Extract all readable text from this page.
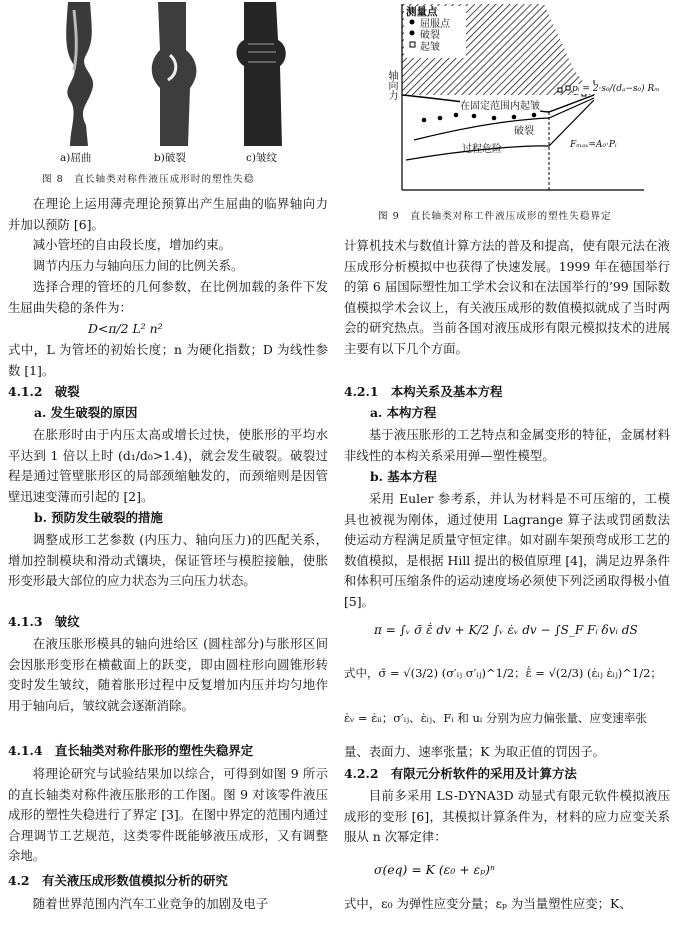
a)屈曲	b)破裂	c)皱纹
图 8　直长轴类对称件液压成形时的塑性失稳
在理论上运用薄壳理论预算出产生屈曲的临界轴向力并加以预防 [6]。
减小管坯的自由段长度，增加约束。
调节内压力与轴向压力间的比例关系。
选择合理的管坯的几何参数，在比例加载的条件下发生屈曲失稳的条件为：
D<π/2 L² n²
式中，L 为管坯的初始长度；n 为硬化指数；D 为线性参数 [1]。
4.1.2　破裂
a. 发生破裂的原因
在胀形时由于内压太高或增长过快，使胀形的平均水平达到 1 倍以上时 (d₁/d₀>1.4)，就会发生破裂。破裂过程是通过管壁胀形区的局部颈缩触发的，而颈缩则是因管壁迅速变薄而引起的 [2]。
b. 预防发生破裂的措施
调整成形工艺参数 (内压力、轴向压力)的匹配关系，增加控制模块和滑动式镶块，保证管坯与模腔接触，使胀形变形最大部位的应力状态为三向压力状态。
4.1.3　皱纹
在液压胀形模具的轴向进给区 (圆柱部分)与胀形区间会因胀形变形在横截面上的跃变，即由圆柱形向圆锥形转变时发生皱纹，随着胀形过程中反复增加内压并均匀地作用于轴向后，皱纹就会逐渐消除。
4.1.4　直长轴类对称件胀形的塑性失稳界定
将理论研究与试验结果加以综合，可得到如图 9 所示的直长轴类对称件液压胀形的工作图。图 9 对该零件液压成形的塑性失稳进行了界定 [3]。在图中界定的范围内通过合理调节工艺规范，这类零件既能够液压成形，又有调整余地。
4.2　有关液压成形数值模拟分析的研究
随着世界范围内汽车工业竞争的加剧及电子
测量点
屈服点
破裂
起皱
轴向力
在固定范围内起皱
破裂
过程危险
pᵢ = 2·s₀/(dₐ−s₀) Rₘ
Fₘₐₓ=A₀·Pᵢ
图 9　直长轴类对称工件液压成形的塑性失稳界定
计算机技术与数值计算方法的普及和提高，使有限元法在液压成形分析模拟中也获得了快速发展。1999 年在德国举行的第 6 届国际塑性加工学术会议和在法国举行的’99 国际数值模拟学术会议上，有关液压成形的数值模拟就成了当时两会的研究热点。当前各国对液压成形有限元模拟技术的进展主要有以下几个方面。
4.2.1　本构关系及基本方程
a. 本构方程
基于液压胀形的工艺特点和金属变形的特征，金属材料非线性的本构关系采用弹—塑性模型。
b. 基本方程
采用 Euler 参考系，并认为材料是不可压缩的，工模具也被视为刚体，通过使用 Lagrange 算子法或罚函数法使运动方程满足质量守恒定律。如对副车架预弯成形工艺的数值模拟，是根据 Hill 提出的极值原理 [4]，满足边界条件和体积可压缩条件的运动速度场必须使下列泛函取得极小值 [5]。
π = ∫ᵥ σ̄ ε̄̇ dv + K/2 ∫ᵥ ε̇ᵥ dv − ∫S_F Fᵢ δvᵢ dS
式中，σ̄ = √(3/2) (σ′ᵢⱼ σ′ᵢⱼ)^1/2；ε̄̇ = √(2/3) (ε̇ᵢⱼ ε̇ᵢⱼ)^1/2；
ε̇ᵥ = ε̇ᵢᵢ；σ′ᵢⱼ、ε̇ᵢⱼ、Fᵢ 和 uᵢ 分别为应力偏张量、应变速率张
量、表面力、速率张量；K 为取正值的罚因子。
4.2.2　有限元分析软件的采用及计算方法
目前多采用 LS-DYNA3D 动显式有限元软件模拟液压成形的变形 [6]，其模拟计算条件为，材料的应力应变关系服从 n 次幂定律：
σ(eq) = K (ε₀ + εₚ)ⁿ
式中，ε₀ 为弹性应变分量；εₚ 为当量塑性应变；K、
